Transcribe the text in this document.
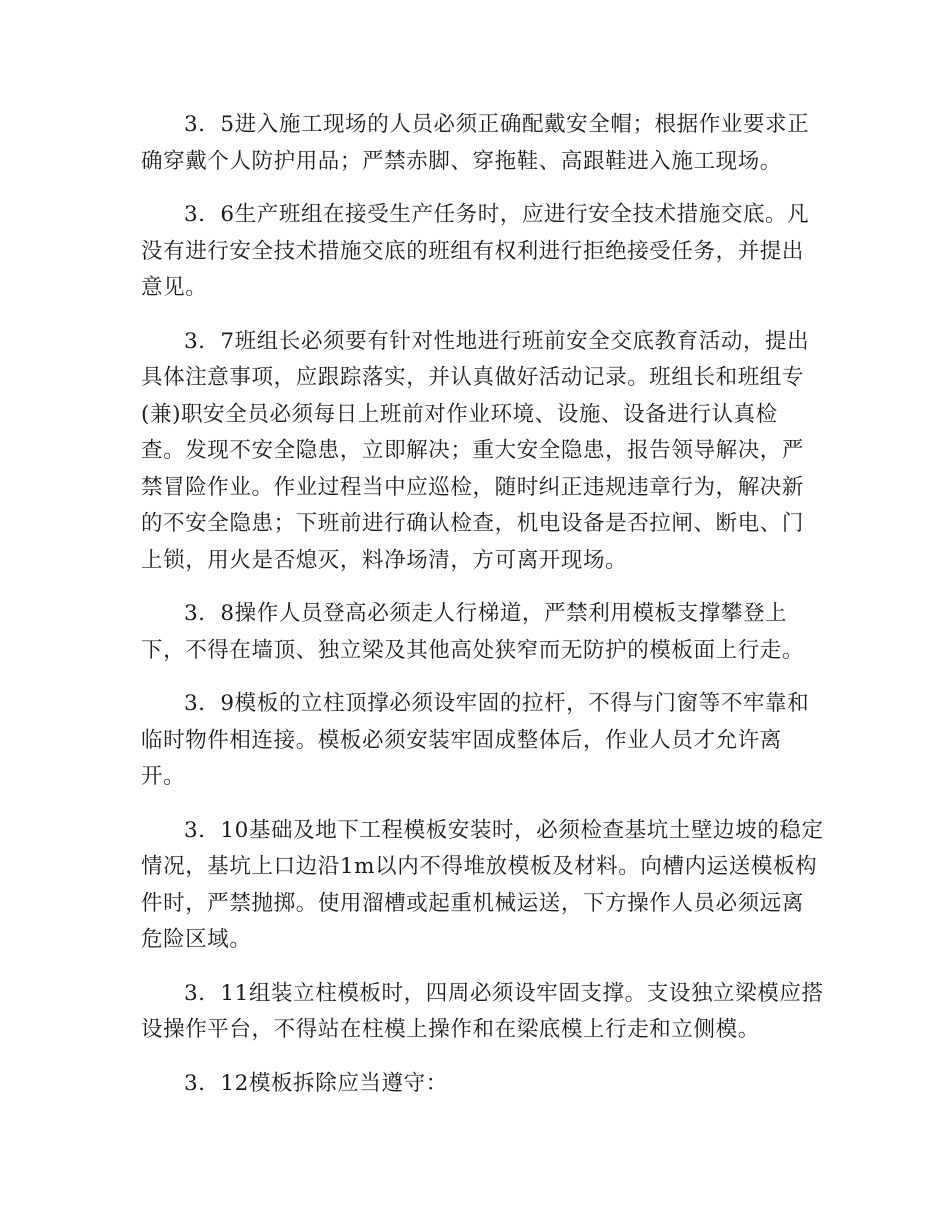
3．5进入施工现场的人员必须正确配戴安全帽；根据作业要求正
确穿戴个人防护用品；严禁赤脚、穿拖鞋、高跟鞋进入施工现场。

3．6生产班组在接受生产任务时，应进行安全技术措施交底。凡
没有进行安全技术措施交底的班组有权利进行拒绝接受任务，并提出
意见。

3．7班组长必须要有针对性地进行班前安全交底教育活动，提出
具体注意事项，应跟踪落实，并认真做好活动记录。班组长和班组专
(兼)职安全员必须每日上班前对作业环境、设施、设备进行认真检
查。发现不安全隐患，立即解决；重大安全隐患，报告领导解决，严
禁冒险作业。作业过程当中应巡检，随时纠正违规违章行为，解决新
的不安全隐患；下班前进行确认检查，机电设备是否拉闸、断电、门
上锁，用火是否熄灭，料净场清，方可离开现场。

3．8操作人员登高必须走人行梯道，严禁利用模板支撑攀登上
下，不得在墙顶、独立梁及其他高处狭窄而无防护的模板面上行走。

3．9模板的立柱顶撑必须设牢固的拉杆，不得与门窗等不牢靠和
临时物件相连接。模板必须安装牢固成整体后，作业人员才允许离
开。

3．10基础及地下工程模板安装时，必须检查基坑土壁边坡的稳定
情况，基坑上口边沿1m以内不得堆放模板及材料。向槽内运送模板构
件时，严禁抛掷。使用溜槽或起重机械运送，下方操作人员必须远离
危险区域。

3．11组装立柱模板时，四周必须设牢固支撑。支设独立梁模应搭
设操作平台，不得站在柱模上操作和在梁底模上行走和立侧模。

3．12模板拆除应当遵守：
